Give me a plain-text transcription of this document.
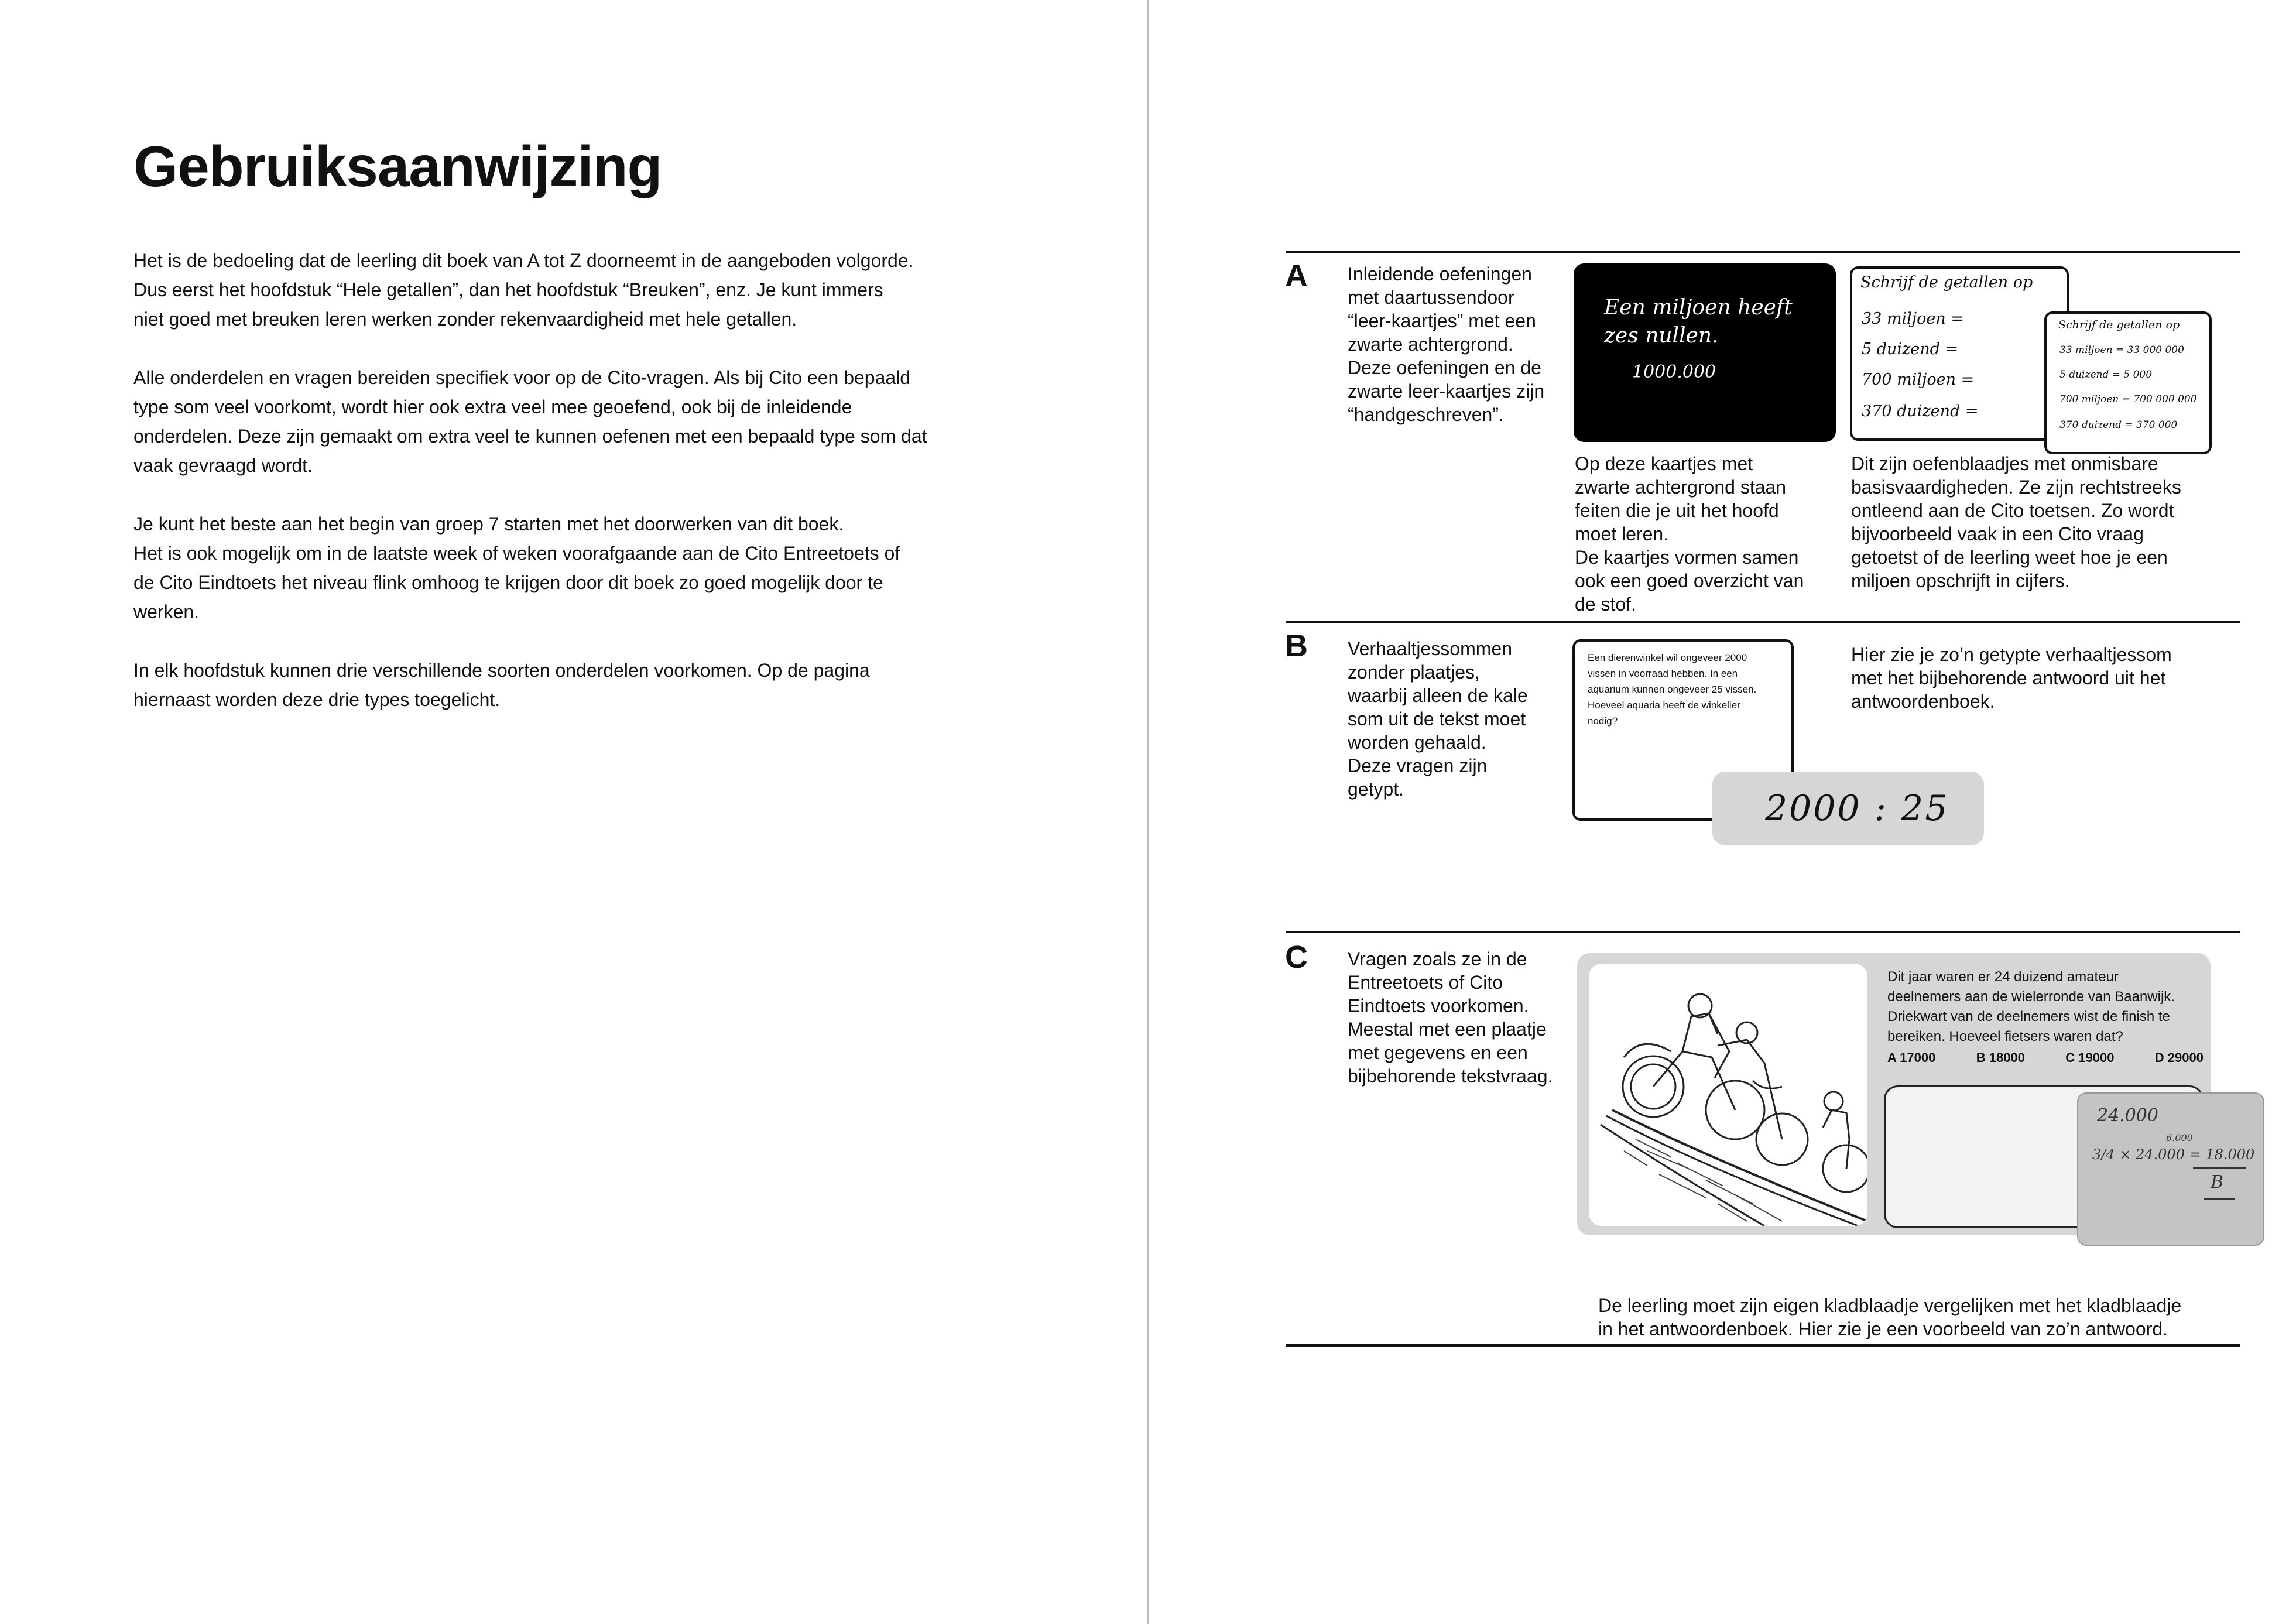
Gebruiksaanwijzing

Het is de bedoeling dat de leerling dit boek van A tot Z doorneemt in de aangeboden volgorde.
Dus eerst het hoofdstuk “Hele getallen”, dan het hoofdstuk “Breuken”, enz. Je kunt immers
niet goed met breuken leren werken zonder rekenvaardigheid met hele getallen.

Alle onderdelen en vragen bereiden specifiek voor op de Cito-vragen. Als bij Cito een bepaald
type som veel voorkomt, wordt hier ook extra veel mee geoefend, ook bij de inleidende
onderdelen. Deze zijn gemaakt om extra veel te kunnen oefenen met een bepaald type som dat
vaak gevraagd wordt.

Je kunt het beste aan het begin van groep 7 starten met het doorwerken van dit boek.
Het is ook mogelijk om in de laatste week of weken voorafgaande aan de Cito Entreetoets of
de Cito Eindtoets het niveau flink omhoog te krijgen door dit boek zo goed mogelijk door te
werken.

In elk hoofdstuk kunnen drie verschillende soorten onderdelen voorkomen. Op de pagina
hiernaast worden deze drie types toegelicht.

A Inleidende oefeningen
met daartussendoor
“leer-kaartjes” met een
zwarte achtergrond.
Deze oefeningen en de
zwarte leer-kaartjes zijn
“handgeschreven”.
Een miljoen heeft
zes nullen.
1000.000
Op deze kaartjes met
zwarte achtergrond staan
feiten die je uit het hoofd
moet leren.
De kaartjes vormen samen
ook een goed overzicht van
de stof.
Schrijf de getallen op
33 miljoen =
5 duizend =
700 miljoen =
370 duizend =
Schrijf de getallen op
33 miljoen = 33 000 000
5 duizend = 5 000
700 miljoen = 700 000 000
370 duizend = 370 000
Dit zijn oefenblaadjes met onmisbare
basisvaardigheden. Ze zijn rechtstreeks
ontleend aan de Cito toetsen. Zo wordt
bijvoorbeeld vaak in een Cito vraag
getoetst of de leerling weet hoe je een
miljoen opschrijft in cijfers.
B Verhaaltjessommen
zonder plaatjes,
waarbij alleen de kale
som uit de tekst moet
worden gehaald.
Deze vragen zijn
getypt.
Een dierenwinkel wil ongeveer 2000
vissen in voorraad hebben. In een
aquarium kunnen ongeveer 25 vissen.
Hoeveel aquaria heeft de winkelier
nodig?
2000 : 25
Hier zie je zo’n getypte verhaaltjessom
met het bijbehorende antwoord uit het
antwoordenboek.
C Vragen zoals ze in de
Entreetoets of Cito
Eindtoets voorkomen.
Meestal met een plaatje
met gegevens en een
bijbehorende tekstvraag.
Dit jaar waren er 24 duizend amateur
deelnemers aan de wielerronde van Baanwijk.
Driekwart van de deelnemers wist de finish te
bereiken. Hoeveel fietsers waren dat?
A 17000	B 18000	C 19000	D 29000
24.000
6.000
3/4 × 24.000 = 18.000
B
De leerling moet zijn eigen kladblaadje vergelijken met het kladblaadje
in het antwoordenboek. Hier zie je een voorbeeld van zo’n antwoord.
